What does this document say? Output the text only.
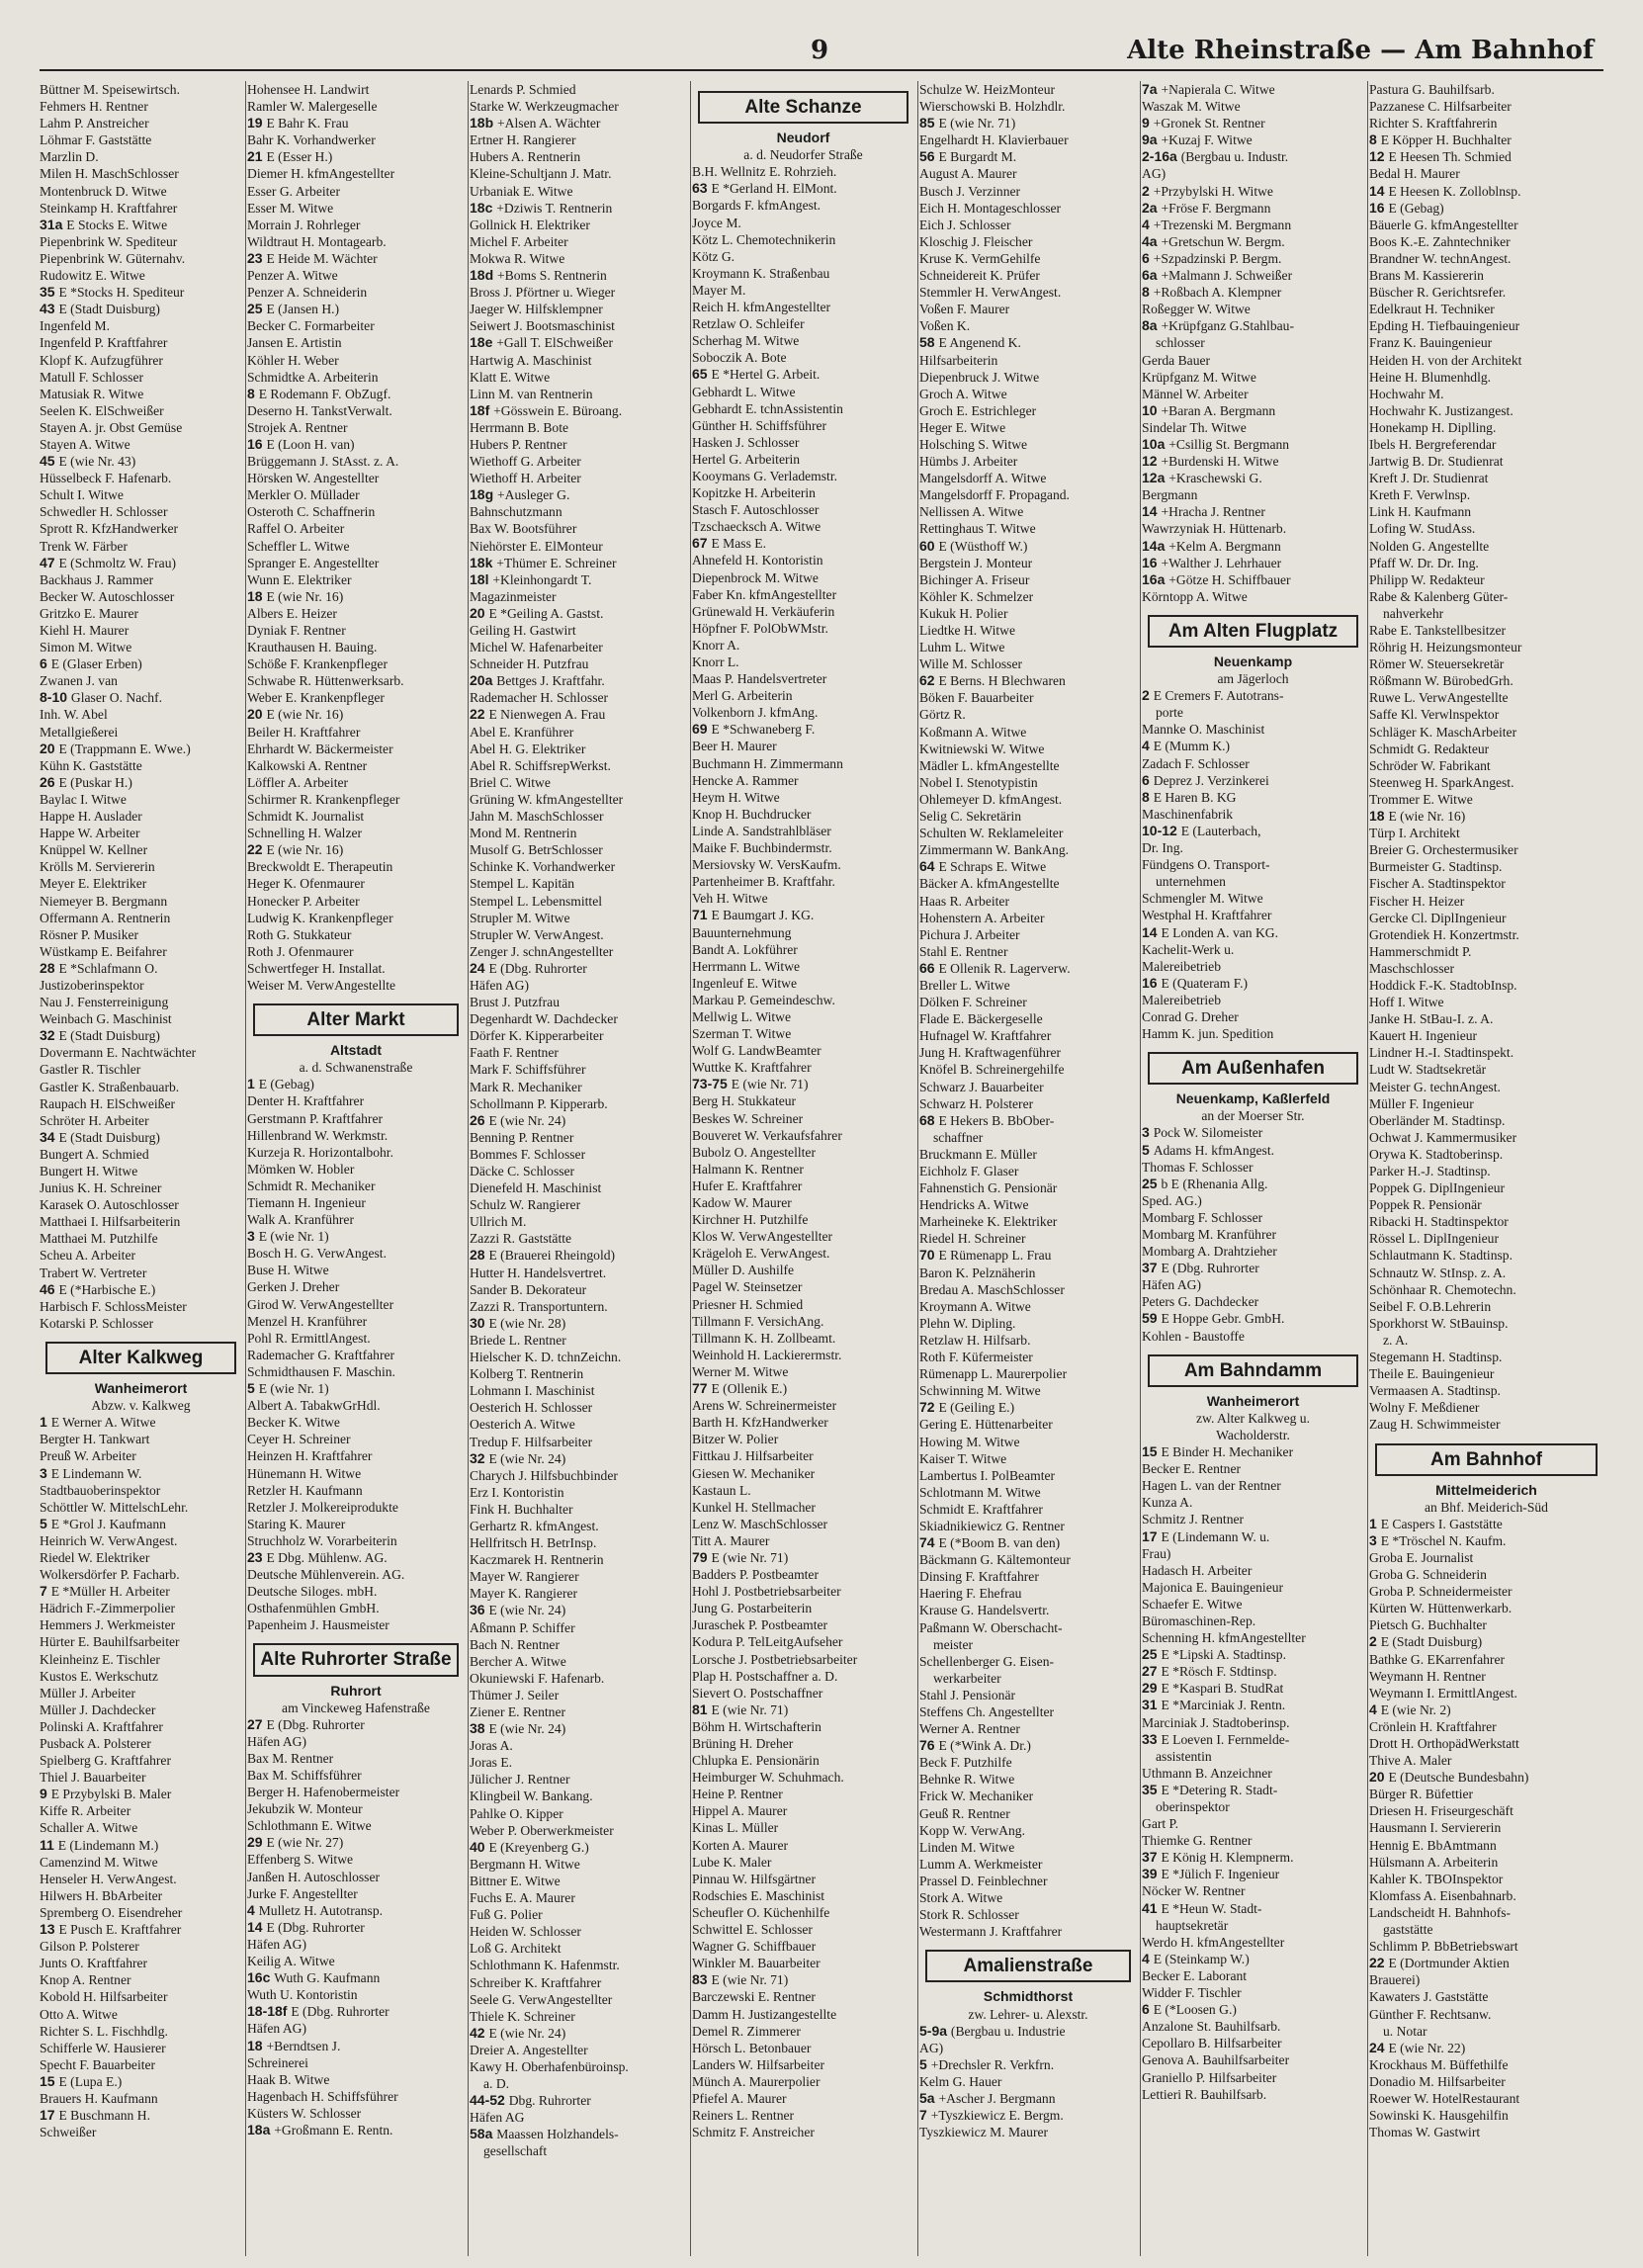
9	Alte Rheinstraße — Am Bahnhof
Büttner M. Speisewirtsch.
Fehmers H. Rentner
Lahm P. Anstreicher
Löhmar F. Gaststätte
Marzlin D.
Milen H. MaschSchlosser
Montenbruck D. Witwe
Steinkamp H. Kraftfahrer
31a E Stocks E. Witwe
Piepenbrink W. Spediteur
Piepenbrink W. Güternahv.
Rudowitz E. Witwe
35 E *Stocks H. Spediteur
43 E (Stadt Duisburg)
Ingenfeld M.
Ingenfeld P. Kraftfahrer
Klopf K. Aufzugführer
Matull F. Schlosser
Matusiak R. Witwe
Seelen K. ElSchweißer
Stayen A. jr. Obst Gemüse
Stayen A. Witwe
45 E (wie Nr. 43)
Hüsselbeck F. Hafenarb.
Schult I. Witwe
Schwedler H. Schlosser
Sprott R. KfzHandwerker
Trenk W. Färber
47 E (Schmoltz W. Frau)
Backhaus J. Rammer
Becker W. Autoschlosser
Gritzko E. Maurer
Kiehl H. Maurer
Simon M. Witwe
6 E (Glaser Erben)
Zwanen J. van
8-10 Glaser O. Nachf.
Inh. W. Abel
Metallgießerei
20 E (Trappmann E. Wwe.)
Kühn K. Gaststätte
26 E (Puskar H.)
Baylac I. Witwe
Happe H. Auslader
Happe W. Arbeiter
Knüppel W. Kellner
Krölls M. Serviererin
Meyer E. Elektriker
Niemeyer B. Bergmann
Offermann A. Rentnerin
Rösner P. Musiker
Wüstkamp E. Beifahrer
28 E *Schlafmann O.
Justizoberinspektor
Nau J. Fensterreinigung
Weinbach G. Maschinist
32 E (Stadt Duisburg)
Dovermann E. Nachtwächter
Gastler R. Tischler
Gastler K. Straßenbauarb.
Raupach H. ElSchweißer
Schröter H. Arbeiter
34 E (Stadt Duisburg)
Bungert A. Schmied
Bungert H. Witwe
Junius K. H. Schreiner
Karasek O. Autoschlosser
Matthaei I. Hilfsarbeiterin
Matthaei M. Putzhilfe
Scheu A. Arbeiter
Trabert W. Vertreter
46 E (*Harbische E.)
Harbisch F. SchlossMeister
Kotarski P. Schlosser
Alter Kalkweg
Wanheimerort
Abzw. v. Kalkweg
1 E Werner A. Witwe
Bergter H. Tankwart
Preuß W. Arbeiter
3 E Lindemann W.
Stadtbauoberinspektor
Schöttler W. MittelschLehr.
5 E *Grol J. Kaufmann
Heinrich W. VerwAngest.
Riedel W. Elektriker
Wolkersdörfer P. Facharb.
7 E *Müller H. Arbeiter
Hädrich F.-Zimmerpolier
Hemmers J. Werkmeister
Hürter E. Bauhilfsarbeiter
Kleinheinz E. Tischler
Kustos E. Werkschutz
Müller J. Arbeiter
Müller J. Dachdecker
Polinski A. Kraftfahrer
Pusback A. Polsterer
Spielberg G. Kraftfahrer
Thiel J. Bauarbeiter
9 E Przybylski B. Maler
Kiffe R. Arbeiter
Schaller A. Witwe
11 E (Lindemann M.)
Camenzind M. Witwe
Henseler H. VerwAngest.
Hilwers H. BbArbeiter
Spremberg O. Eisendreher
13 E Pusch E. Kraftfahrer
Gilson P. Polsterer
Junts O. Kraftfahrer
Knop A. Rentner
Kobold H. Hilfsarbeiter
Otto A. Witwe
Richter S. L. Fischhdlg.
Schifferle W. Hausierer
Specht F. Bauarbeiter
15 E (Lupa E.)
Brauers H. Kaufmann
17 E Buschmann H.
Schweißer
Hohensee H. Landwirt
Ramler W. Malergeselle
19 E Bahr K. Frau
Bahr K. Vorhandwerker
21 E (Esser H.)
Diemer H. kfmAngestellter
Esser G. Arbeiter
Esser M. Witwe
Morrain J. Rohrleger
Wildtraut H. Montagearb.
23 E Heide M. Wächter
Penzer A. Witwe
Penzer A. Schneiderin
25 E (Jansen H.)
Becker C. Formarbeiter
Jansen E. Artistin
Köhler H. Weber
Schmidtke A. Arbeiterin
8 E Rodemann F. ObZugf.
Deserno H. TankstVerwalt.
Strojek A. Rentner
16 E (Loon H. van)
Brüggemann J. StAsst. z. A.
Hörsken W. Angestellter
Merkler O. Müllader
Osteroth C. Schaffnerin
Raffel O. Arbeiter
Scheffler L. Witwe
Spranger E. Angestellter
Wunn E. Elektriker
18 E (wie Nr. 16)
Albers E. Heizer
Dyniak F. Rentner
Krauthausen H. Bauing.
Schöße F. Krankenpfleger
Schwabe R. Hüttenwerksarb.
Weber E. Krankenpfleger
20 E (wie Nr. 16)
Beiler H. Kraftfahrer
Ehrhardt W. Bäckermeister
Kalkowski A. Rentner
Löffler A. Arbeiter
Schirmer R. Krankenpfleger
Schmidt K. Journalist
Schnelling H. Walzer
22 E (wie Nr. 16)
Breckwoldt E. Therapeutin
Heger K. Ofenmaurer
Honecker P. Arbeiter
Ludwig K. Krankenpfleger
Roth G. Stukkateur
Roth J. Ofenmaurer
Schwertfeger H. Installat.
Weiser M. VerwAngestellte
Alter Markt
Altstadt
a. d. Schwanenstraße
1 E (Gebag)
Denter H. Kraftfahrer
Gerstmann P. Kraftfahrer
Hillenbrand W. Werkmstr.
Kurzeja R. Horizontalbohr.
Mömken W. Hobler
Schmidt R. Mechaniker
Tiemann H. Ingenieur
Walk A. Kranführer
3 E (wie Nr. 1)
Bosch H. G. VerwAngest.
Buse H. Witwe
Gerken J. Dreher
Girod W. VerwAngestellter
Menzel H. Kranführer
Pohl R. ErmittlAngest.
Rademacher G. Kraftfahrer
Schmidthausen F. Maschin.
5 E (wie Nr. 1)
Albert A. TabakwGrHdl.
Becker K. Witwe
Ceyer H. Schreiner
Heinzen H. Kraftfahrer
Hünemann H. Witwe
Retzler H. Kaufmann
Retzler J. Molkereiprodukte
Staring K. Maurer
Struchholz W. Vorarbeiterin
23 E Dbg. Mühlenw. AG.
Deutsche Mühlenverein. AG.
Deutsche Siloges. mbH.
Osthafenmühlen GmbH.
Papenheim J. Hausmeister
Alte Ruhrorter Straße
Ruhrort
am Vinckeweg Hafenstraße
27 E (Dbg. Ruhrorter
Häfen AG)
Bax M. Rentner
Bax M. Schiffsführer
Berger H. Hafenobermeister
Jekubzik W. Monteur
Schlothmann E. Witwe
29 E (wie Nr. 27)
Effenberg S. Witwe
Janßen H. Autoschlosser
Jurke F. Angestellter
4 Mulletz H. Autotransp.
14 E (Dbg. Ruhrorter
Häfen AG)
Keilig A. Witwe
16c Wuth G. Kaufmann
Wuth U. Kontoristin
18-18f E (Dbg. Ruhrorter
Häfen AG)
18 +Berndtsen J.
Schreinerei
Haak B. Witwe
Hagenbach H. Schiffsführer
Küsters W. Schlosser
18a +Großmann E. Rentn.
Lenards P. Schmied
Starke W. Werkzeugmacher
18b +Alsen A. Wächter
Ertner H. Rangierer
Hubers A. Rentnerin
Kleine-Schultjann J. Matr.
Urbaniak E. Witwe
18c +Dziwis T. Rentnerin
Gollnick H. Elektriker
Michel F. Arbeiter
Mokwa R. Witwe
18d +Boms S. Rentnerin
Bross J. Pförtner u. Wieger
Jaeger W. Hilfsklempner
Seiwert J. Bootsmaschinist
18e +Gall T. ElSchweißer
Hartwig A. Maschinist
Klatt E. Witwe
Linn M. van Rentnerin
18f +Gösswein E. Büroang.
Herrmann B. Bote
Hubers P. Rentner
Wiethoff G. Arbeiter
Wiethoff H. Arbeiter
18g +Ausleger G.
Bahnschutzmann
Bax W. Bootsführer
Niehörster E. ElMonteur
18k +Thümer E. Schreiner
18l +Kleinhongardt T.
Magazinmeister
20 E *Geiling A. Gastst.
Geiling H. Gastwirt
Michel W. Hafenarbeiter
Schneider H. Putzfrau
20a Bettges J. Kraftfahr.
Rademacher H. Schlosser
22 E Nienwegen A. Frau
Abel E. Kranführer
Abel H. G. Elektriker
Abel R. SchiffsrepWerkst.
Briel C. Witwe
Grüning W. kfmAngestellter
Jahn M. MaschSchlosser
Mond M. Rentnerin
Musolf G. BetrSchlosser
Schinke K. Vorhandwerker
Stempel L. Kapitän
Stempel L. Lebensmittel
Strupler M. Witwe
Strupler W. VerwAngest.
Zenger J. schnAngestellter
24 E (Dbg. Ruhrorter
Häfen AG)
Brust J. Putzfrau
Degenhardt W. Dachdecker
Dörfer K. Kipperarbeiter
Faath F. Rentner
Mark F. Schiffsführer
Mark R. Mechaniker
Schollmann P. Kipperarb.
26 E (wie Nr. 24)
Benning P. Rentner
Bommes F. Schlosser
Däcke C. Schlosser
Dienefeld H. Maschinist
Schulz W. Rangierer
Ullrich M.
Zazzi R. Gaststätte
28 E (Brauerei Rheingold)
Hutter H. Handelsvertret.
Sander B. Dekorateur
Zazzi R. Transportuntern.
30 E (wie Nr. 28)
Briede L. Rentner
Hielscher K. D. tchnZeichn.
Kolberg T. Rentnerin
Lohmann I. Maschinist
Oesterich H. Schlosser
Oesterich A. Witwe
Tredup F. Hilfsarbeiter
32 E (wie Nr. 24)
Charych J. Hilfsbuchbinder
Erz I. Kontoristin
Fink H. Buchhalter
Gerhartz R. kfmAngest.
Hellfritsch H. BetrInsp.
Kaczmarek H. Rentnerin
Mayer W. Rangierer
Mayer K. Rangierer
36 E (wie Nr. 24)
Aßmann P. Schiffer
Bach N. Rentner
Bercher A. Witwe
Okuniewski F. Hafenarb.
Thümer J. Seiler
Ziener E. Rentner
38 E (wie Nr. 24)
Joras A.
Joras E.
Jülicher J. Rentner
Klingbeil W. Bankang.
Pahlke O. Kipper
Weber P. Oberwerkmeister
40 E (Kreyenberg G.)
Bergmann H. Witwe
Bittner E. Witwe
Fuchs E. A. Maurer
Fuß G. Polier
Heiden W. Schlosser
Loß G. Architekt
Schlothmann K. Hafenmstr.
Schreiber K. Kraftfahrer
Seele G. VerwAngestellter
Thiele K. Schreiner
42 E (wie Nr. 24)
Dreier A. Angestellter
Kawy H. Oberhafenbüroinsp.
a. D.
44-52 Dbg. Ruhrorter
Häfen AG
58a Maassen Holzhandels-
gesellschaft
Alte Schanze
Neudorf
a. d. Neudorfer Straße
B.H. Wellnitz E. Rohrzieh.
63 E *Gerland H. ElMont.
Borgards F. kfmAngest.
Joyce M.
Kötz L. Chemotechnikerin
Kötz G.
Kroymann K. Straßenbau
Mayer M.
Reich H. kfmAngestellter
Retzlaw O. Schleifer
Scherhag M. Witwe
Soboczik A. Bote
65 E *Hertel G. Arbeit.
Gebhardt L. Witwe
Gebhardt E. tchnAssistentin
Günther H. Schiffsführer
Hasken J. Schlosser
Hertel G. Arbeiterin
Kooymans G. Verlademstr.
Kopitzke H. Arbeiterin
Stasch F. Autoschlosser
Tzschaecksch A. Witwe
67 E Mass E.
Ahnefeld H. Kontoristin
Diepenbrock M. Witwe
Faber Kn. kfmAngestellter
Grünewald H. Verkäuferin
Höpfner F. PolObWMstr.
Knorr A.
Knorr L.
Maas P. Handelsvertreter
Merl G. Arbeiterin
Volkenborn J. kfmAng.
69 E *Schwaneberg F.
Beer H. Maurer
Buchmann H. Zimmermann
Hencke A. Rammer
Heym H. Witwe
Knop H. Buchdrucker
Linde A. Sandstrahlbläser
Maike F. Buchbindermstr.
Mersiovsky W. VersKaufm.
Partenheimer B. Kraftfahr.
Veh H. Witwe
71 E Baumgart J. KG.
Bauunternehmung
Bandt A. Lokführer
Herrmann L. Witwe
Ingenleuf E. Witwe
Markau P. Gemeindeschw.
Mellwig L. Witwe
Szerman T. Witwe
Wolf G. LandwBeamter
Wuttke K. Kraftfahrer
73-75 E (wie Nr. 71)
Berg H. Stukkateur
Beskes W. Schreiner
Bouveret W. Verkaufsfahrer
Bubolz O. Angestellter
Halmann K. Rentner
Hufer E. Kraftfahrer
Kadow W. Maurer
Kirchner H. Putzhilfe
Klos W. VerwAngestellter
Krägeloh E. VerwAngest.
Müller D. Aushilfe
Pagel W. Steinsetzer
Priesner H. Schmied
Tillmann F. VersichAng.
Tillmann K. H. Zollbeamt.
Weinhold H. Lackierermstr.
Werner M. Witwe
77 E (Ollenik E.)
Arens W. Schreinermeister
Barth H. KfzHandwerker
Bitzer W. Polier
Fittkau J. Hilfsarbeiter
Giesen W. Mechaniker
Kastaun L.
Kunkel H. Stellmacher
Lenz W. MaschSchlosser
Titt A. Maurer
79 E (wie Nr. 71)
Badders P. Postbeamter
Hohl J. Postbetriebsarbeiter
Jung G. Postarbeiterin
Juraschek P. Postbeamter
Kodura P. TelLeitgAufseher
Lorsche J. Postbetriebsarbeiter
Plap H. Postschaffner a. D.
Sievert O. Postschaffner
81 E (wie Nr. 71)
Böhm H. Wirtschafterin
Brüning H. Dreher
Chlupka E. Pensionärin
Heimburger W. Schuhmach.
Heine P. Rentner
Hippel A. Maurer
Kinas L. Müller
Korten A. Maurer
Lube K. Maler
Pinnau W. Hilfsgärtner
Rodschies E. Maschinist
Scheufler O. Küchenhilfe
Schwittel E. Schlosser
Wagner G. Schiffbauer
Winkler M. Bauarbeiter
83 E (wie Nr. 71)
Barczewski E. Rentner
Damm H. Justizangestellte
Demel R. Zimmerer
Hörsch L. Betonbauer
Landers W. Hilfsarbeiter
Münch A. Maurerpolier
Pfiefel A. Maurer
Reiners L. Rentner
Schmitz F. Anstreicher
Schulze W. HeizMonteur
Wierschowski B. Holzhdlr.
85 E (wie Nr. 71)
Engelhardt H. Klavierbauer
56 E Burgardt M.
August A. Maurer
Busch J. Verzinner
Eich H. Montageschlosser
Eich J. Schlosser
Kloschig J. Fleischer
Kruse K. VermGehilfe
Schneidereit K. Prüfer
Stemmler H. VerwAngest.
Voßen F. Maurer
Voßen K.
58 E Angenend K.
Hilfsarbeiterin
Diepenbruck J. Witwe
Groch A. Witwe
Groch E. Estrichleger
Heger E. Witwe
Holsching S. Witwe
Hümbs J. Arbeiter
Mangelsdorff A. Witwe
Mangelsdorff F. Propagand.
Nellissen A. Witwe
Rettinghaus T. Witwe
60 E (Wüsthoff W.)
Bergstein J. Monteur
Bichinger A. Friseur
Köhler K. Schmelzer
Kukuk H. Polier
Liedtke H. Witwe
Luhm L. Witwe
Wille M. Schlosser
62 E Berns. H Blechwaren
Böken F. Bauarbeiter
Görtz R.
Koßmann A. Witwe
Kwitniewski W. Witwe
Mädler L. kfmAngestellte
Nobel I. Stenotypistin
Ohlemeyer D. kfmAngest.
Selig C. Sekretärin
Schulten W. Reklameleiter
Zimmermann W. BankAng.
64 E Schraps E. Witwe
Bäcker A. kfmAngestellte
Haas R. Arbeiter
Hohenstern A. Arbeiter
Pichura J. Arbeiter
Stahl E. Rentner
66 E Ollenik R. Lagerverw.
Breller L. Witwe
Dölken F. Schreiner
Flade E. Bäckergeselle
Hufnagel W. Kraftfahrer
Jung H. Kraftwagenführer
Knöfel B. Schreinergehilfe
Schwarz J. Bauarbeiter
Schwarz H. Polsterer
68 E Hekers B. BbOber-
schaffner
Bruckmann E. Müller
Eichholz F. Glaser
Fahnenstich G. Pensionär
Hendricks A. Witwe
Marheineke K. Elektriker
Riedel H. Schreiner
70 E Rümenapp L. Frau
Baron K. Pelznäherin
Bredau A. MaschSchlosser
Kroymann A. Witwe
Plehn W. Dipling.
Retzlaw H. Hilfsarb.
Roth F. Küfermeister
Rümenapp L. Maurerpolier
Schwinning M. Witwe
72 E (Geiling E.)
Gering E. Hüttenarbeiter
Howing M. Witwe
Kaiser T. Witwe
Lambertus I. PolBeamter
Schlotmann M. Witwe
Schmidt E. Kraftfahrer
Skiadnikiewicz G. Rentner
74 E (*Boom B. van den)
Bäckmann G. Kältemonteur
Dinsing F. Kraftfahrer
Haering F. Ehefrau
Krause G. Handelsvertr.
Paßmann W. Oberschacht-
meister
Schellenberger G. Eisen-
werkarbeiter
Stahl J. Pensionär
Steffens Ch. Angestellter
Werner A. Rentner
76 E (*Wink A. Dr.)
Beck F. Putzhilfe
Behnke R. Witwe
Frick W. Mechaniker
Geuß R. Rentner
Kopp W. VerwAng.
Linden M. Witwe
Lumm A. Werkmeister
Prassel D. Feinblechner
Stork A. Witwe
Stork R. Schlosser
Westermann J. Kraftfahrer
Amalienstraße
Schmidthorst
zw. Lehrer- u. Alexstr.
5-9a (Bergbau u. Industrie
AG)
5 +Drechsler R. Verkfrn.
Kelm G. Hauer
5a +Ascher J. Bergmann
7 +Tyszkiewicz E. Bergm.
Tyszkiewicz M. Maurer
7a +Napierala C. Witwe
Waszak M. Witwe
9 +Gronek St. Rentner
9a +Kuzaj F. Witwe
2-16a (Bergbau u. Industr.
AG)
2 +Przybylski H. Witwe
2a +Fröse F. Bergmann
4 +Trezenski M. Bergmann
4a +Gretschun W. Bergm.
6 +Szpadzinski P. Bergm.
6a +Malmann J. Schweißer
8 +Roßbach A. Klempner
Roßegger W. Witwe
8a +Krüpfganz G.Stahlbau-
schlosser
Gerda Bauer
Krüpfganz M. Witwe
Männel W. Arbeiter
10 +Baran A. Bergmann
Sindelar Th. Witwe
10a +Csillig St. Bergmann
12 +Burdenski H. Witwe
12a +Kraschewski G.
Bergmann
14 +Hracha J. Rentner
Wawrzyniak H. Hüttenarb.
14a +Kelm A. Bergmann
16 +Walther J. Lehrhauer
16a +Götze H. Schiffbauer
Körntopp A. Witwe
Am Alten Flugplatz
Neuenkamp
am Jägerloch
2 E Cremers F. Autotrans-
porte
Mannke O. Maschinist
4 E (Mumm K.)
Zadach F. Schlosser
6 Deprez J. Verzinkerei
8 E Haren B. KG
Maschinenfabrik
10-12 E (Lauterbach,
Dr. Ing.
Fündgens O. Transport-
unternehmen
Schmengler M. Witwe
Westphal H. Kraftfahrer
14 E Londen A. van KG.
Kachelit-Werk u.
Malereibetrieb
16 E (Quateram F.)
Malereibetrieb
Conrad G. Dreher
Hamm K. jun. Spedition
Am Außenhafen
Neuenkamp, Kaßlerfeld
an der Moerser Str.
3 Pock W. Silomeister
5 Adams H. kfmAngest.
Thomas F. Schlosser
25 b E (Rhenania Allg.
Sped. AG.)
Mombarg F. Schlosser
Mombarg M. Kranführer
Mombarg A. Drahtzieher
37 E (Dbg. Ruhrorter
Häfen AG)
Peters G. Dachdecker
59 E Hoppe Gebr. GmbH.
Kohlen - Baustoffe
Am Bahndamm
Wanheimerort
zw. Alter Kalkweg u.
Wacholderstr.
15 E Binder H. Mechaniker
Becker E. Rentner
Hagen L. van der Rentner
Kunza A.
Schmitz J. Rentner
17 E (Lindemann W. u.
Frau)
Hadasch H. Arbeiter
Majonica E. Bauingenieur
Schaefer E. Witwe
Büromaschinen-Rep.
Schenning H. kfmAngestellter
25 E *Lipski A. Stadtinsp.
27 E *Rösch F. Stdtinsp.
29 E *Kaspari B. StudRat
31 E *Marciniak J. Rentn.
Marciniak J. Stadtoberinsp.
33 E Loeven I. Fernmelde-
assistentin
Uthmann B. Anzeichner
35 E *Detering R. Stadt-
oberinspektor
Gart P.
Thiemke G. Rentner
37 E König H. Klempnerm.
39 E *Jülich F. Ingenieur
Nöcker W. Rentner
41 E *Heun W. Stadt-
hauptsekretär
Werdo H. kfmAngestellter
4 E (Steinkamp W.)
Becker E. Laborant
Widder F. Tischler
6 E (*Loosen G.)
Anzalone St. Bauhilfsarb.
Cepollaro B. Hilfsarbeiter
Genova A. Bauhilfsarbeiter
Graniello P. Hilfsarbeiter
Lettieri R. Bauhilfsarb.
Pastura G. Bauhilfsarb.
Pazzanese C. Hilfsarbeiter
Richter S. Kraftfahrerin
8 E Köpper H. Buchhalter
12 E Heesen Th. Schmied
Bedal H. Maurer
14 E Heesen K. Zolloblnsp.
16 E (Gebag)
Bäuerle G. kfmAngestellter
Boos K.-E. Zahntechniker
Brandner W. technAngest.
Brans M. Kassiererin
Büscher R. Gerichtsrefer.
Edelkraut H. Techniker
Epding H. Tiefbauingenieur
Franz K. Bauingenieur
Heiden H. von der Architekt
Heine H. Blumenhdlg.
Hochwahr M.
Hochwahr K. Justizangest.
Honekamp H. Diplling.
Ibels H. Bergreferendar
Jartwig B. Dr. Studienrat
Kreft J. Dr. Studienrat
Kreth F. Verwlnsp.
Link H. Kaufmann
Lofing W. StudAss.
Nolden G. Angestellte
Pfaff W. Dr. Dr. Ing.
Philipp W. Redakteur
Rabe & Kalenberg Güter-
nahverkehr
Rabe E. Tankstellbesitzer
Röhrig H. Heizungsmonteur
Römer W. Steuersekretär
Rößmann W. BürobedGrh.
Ruwe L. VerwAngestellte
Saffe Kl. Verwlnspektor
Schläger K. MaschArbeiter
Schmidt G. Redakteur
Schröder W. Fabrikant
Steenweg H. SparkAngest.
Trommer E. Witwe
18 E (wie Nr. 16)
Türp I. Architekt
Breier G. Orchestermusiker
Burmeister G. Stadtinsp.
Fischer A. Stadtinspektor
Fischer H. Heizer
Gercke Cl. DiplIngenieur
Grotendiek H. Konzertmstr.
Hammerschmidt P.
Maschschlosser
Hoddick F.-K. StadtobInsp.
Hoff I. Witwe
Janke H. StBau-I. z. A.
Kauert H. Ingenieur
Lindner H.-I. Stadtinspekt.
Ludt W. Stadtsekretär
Meister G. technAngest.
Müller F. Ingenieur
Oberländer M. Stadtinsp.
Ochwat J. Kammermusiker
Orywa K. Stadtoberinsp.
Parker H.-J. Stadtinsp.
Poppek G. DiplIngenieur
Poppek R. Pensionär
Ribacki H. Stadtinspektor
Rössel L. DiplIngenieur
Schlautmann K. Stadtinsp.
Schnautz W. StInsp. z. A.
Schönhaar R. Chemotechn.
Seibel F. O.B.Lehrerin
Sporkhorst W. StBauinsp.
z. A.
Stegemann H. Stadtinsp.
Theile E. Bauingenieur
Vermaasen A. Stadtinsp.
Wolny F. Meßdiener
Zaug H. Schwimmeister
Am Bahnhof
Mittelmeiderich
an Bhf. Meiderich-Süd
1 E Caspers I. Gaststätte
3 E *Tröschel N. Kaufm.
Groba E. Journalist
Groba G. Schneiderin
Groba P. Schneidermeister
Kürten W. Hüttenwerkarb.
Pietsch G. Buchhalter
2 E (Stadt Duisburg)
Bathke G. EKarrenfahrer
Weymann H. Rentner
Weymann I. ErmittlAngest.
4 E (wie Nr. 2)
Crönlein H. Kraftfahrer
Drott H. OrthopädWerkstatt
Thive A. Maler
20 E (Deutsche Bundesbahn)
Bürger R. Büfettier
Driesen H. Friseurgeschäft
Hausmann I. Serviererin
Hennig E. BbAmtmann
Hülsmann A. Arbeiterin
Kahler K. TBOInspektor
Klomfass A. Eisenbahnarb.
Landscheidt H. Bahnhofs-
gaststätte
Schlimm P. BbBetriebswart
22 E (Dortmunder Aktien
Brauerei)
Kawaters J. Gaststätte
Günther F. Rechtsanw.
u. Notar
24 E (wie Nr. 22)
Krockhaus M. Büffethilfe
Donadio M. Hilfsarbeiter
Roewer W. HotelRestaurant
Sowinski K. Hausgehilfin
Thomas W. Gastwirt
